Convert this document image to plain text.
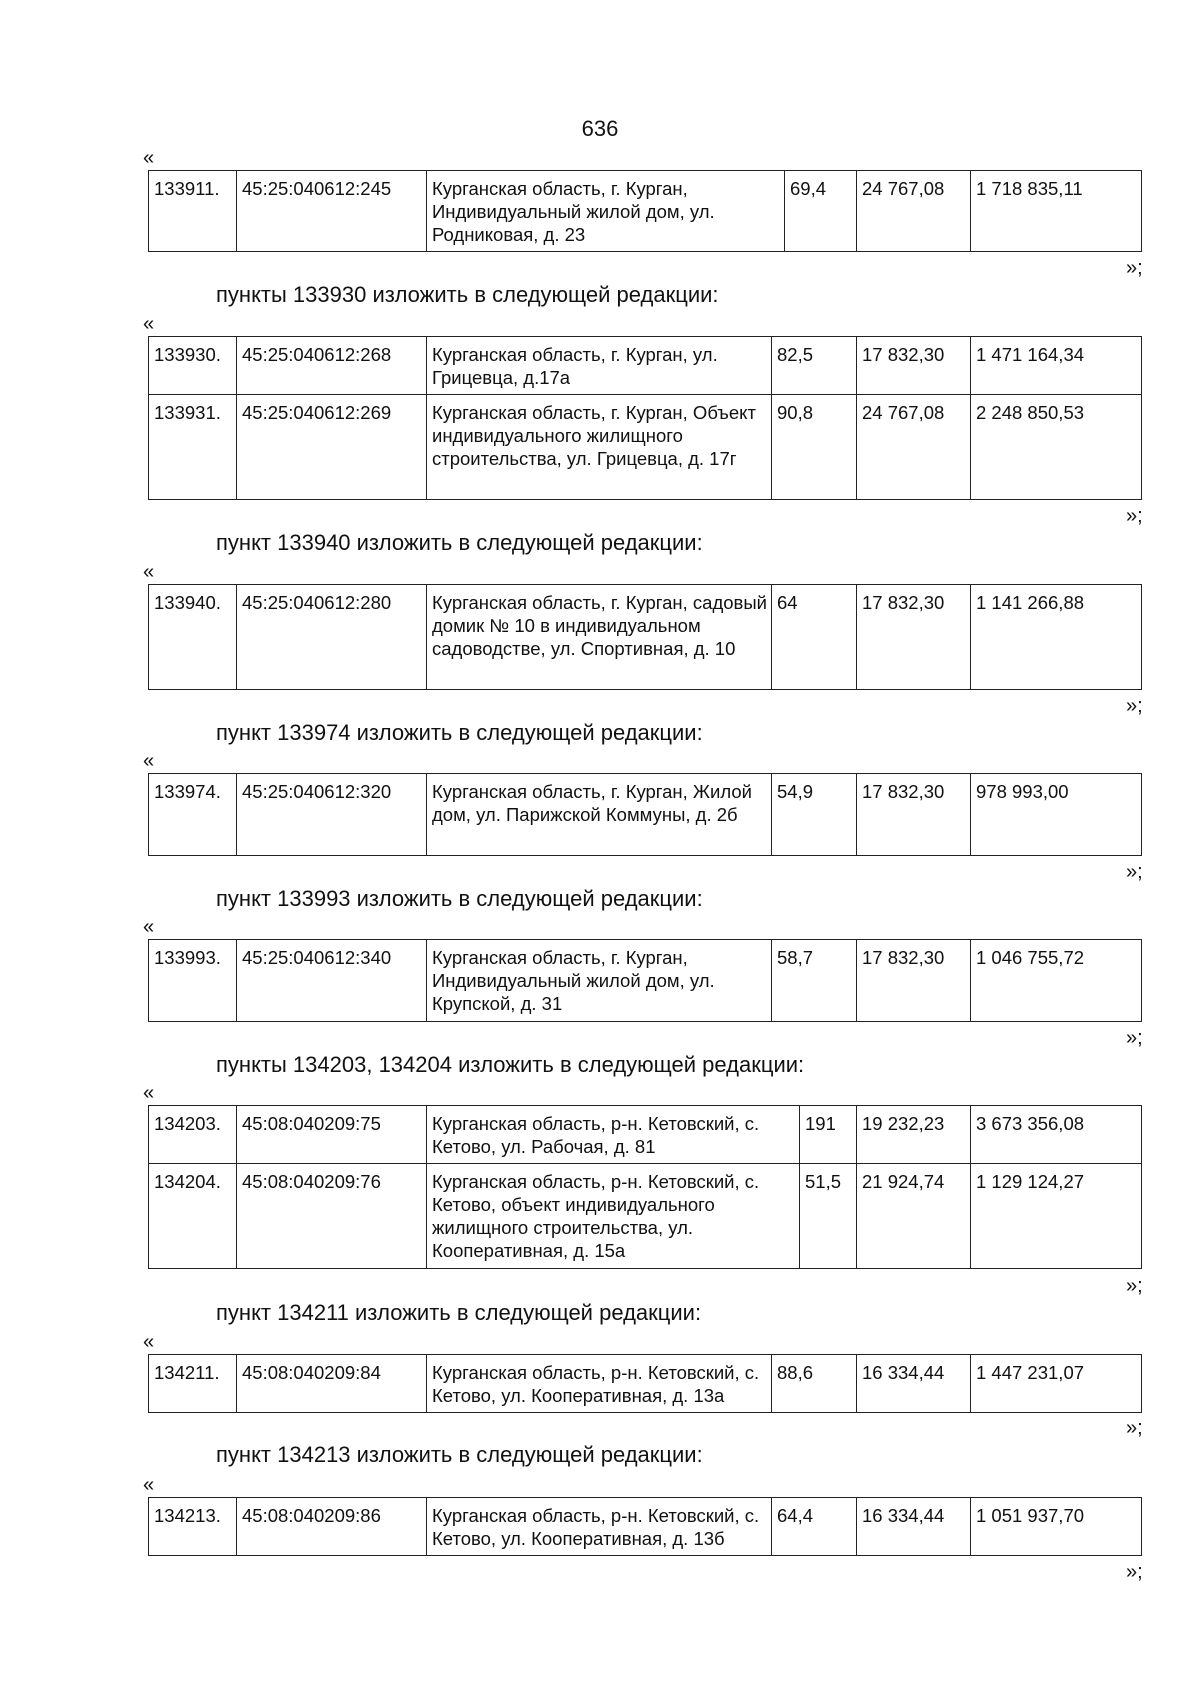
636
«
133911.	45:25:040612:245	Курганская область, г. Курган, Индивидуальный жилой дом, ул. Родниковая, д. 23	69,4	24 767,08	1 718 835,11
»;
пункты 133930 изложить в следующей редакции:
«
133930.	45:25:040612:268	Курганская область, г. Курган, ул. Грицевца, д.17а	82,5	17 832,30	1 471 164,34
133931.	45:25:040612:269	Курганская область, г. Курган, Объект индивидуального жилищного строительства, ул. Грицевца, д. 17г	90,8	24 767,08	2 248 850,53
»;
пункт 133940 изложить в следующей редакции:
«
133940.	45:25:040612:280	Курганская область, г. Курган, садовый домик № 10 в индивидуальном садоводстве, ул. Спортивная, д. 10	64	17 832,30	1 141 266,88
»;
пункт 133974 изложить в следующей редакции:
«
133974.	45:25:040612:320	Курганская область, г. Курган, Жилой дом, ул. Парижской Коммуны, д. 2б	54,9	17 832,30	978 993,00
»;
пункт 133993 изложить в следующей редакции:
«
133993.	45:25:040612:340	Курганская область, г. Курган, Индивидуальный жилой дом, ул. Крупской, д. 31	58,7	17 832,30	1 046 755,72
»;
пункты 134203, 134204 изложить в следующей редакции:
«
134203.	45:08:040209:75	Курганская область, р-н. Кетовский, с. Кетово, ул. Рабочая, д. 81	191	19 232,23	3 673 356,08
134204.	45:08:040209:76	Курганская область, р-н. Кетовский, с. Кетово, объект индивидуального жилищного строительства, ул. Кооперативная, д. 15а	51,5	21 924,74	1 129 124,27
»;
пункт 134211 изложить в следующей редакции:
«
134211.	45:08:040209:84	Курганская область, р-н. Кетовский, с. Кетово, ул. Кооперативная, д. 13а	88,6	16 334,44	1 447 231,07
»;
пункт 134213 изложить в следующей редакции:
«
134213.	45:08:040209:86	Курганская область, р-н. Кетовский, с. Кетово, ул. Кооперативная, д. 13б	64,4	16 334,44	1 051 937,70
»;
